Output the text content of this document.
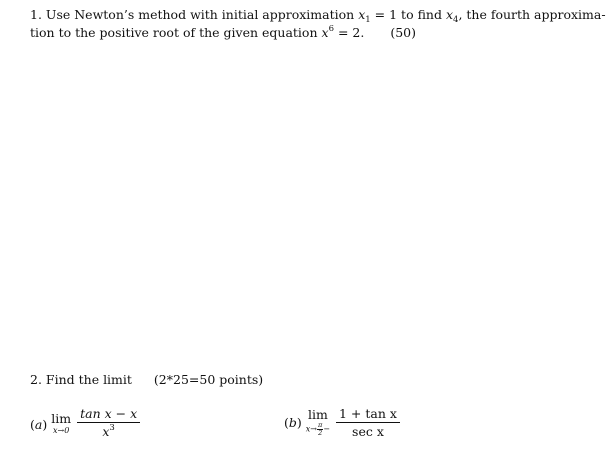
1. Use Newton’s method with initial approximation $x_1 = 1$ to find $x_4$, the fourth approxima-
tion to the positive root of the given equation $x^6 = 2$. (50)
2. Find the limit (2*25=50 points)
(a) lim
$x\to 0 \frac{\text{tan x − x}}{x^3}$	(b)
lim
$x\to \frac{\pi}{2} - \frac{\text{1 + tan x}}{\text{sec x}}$
